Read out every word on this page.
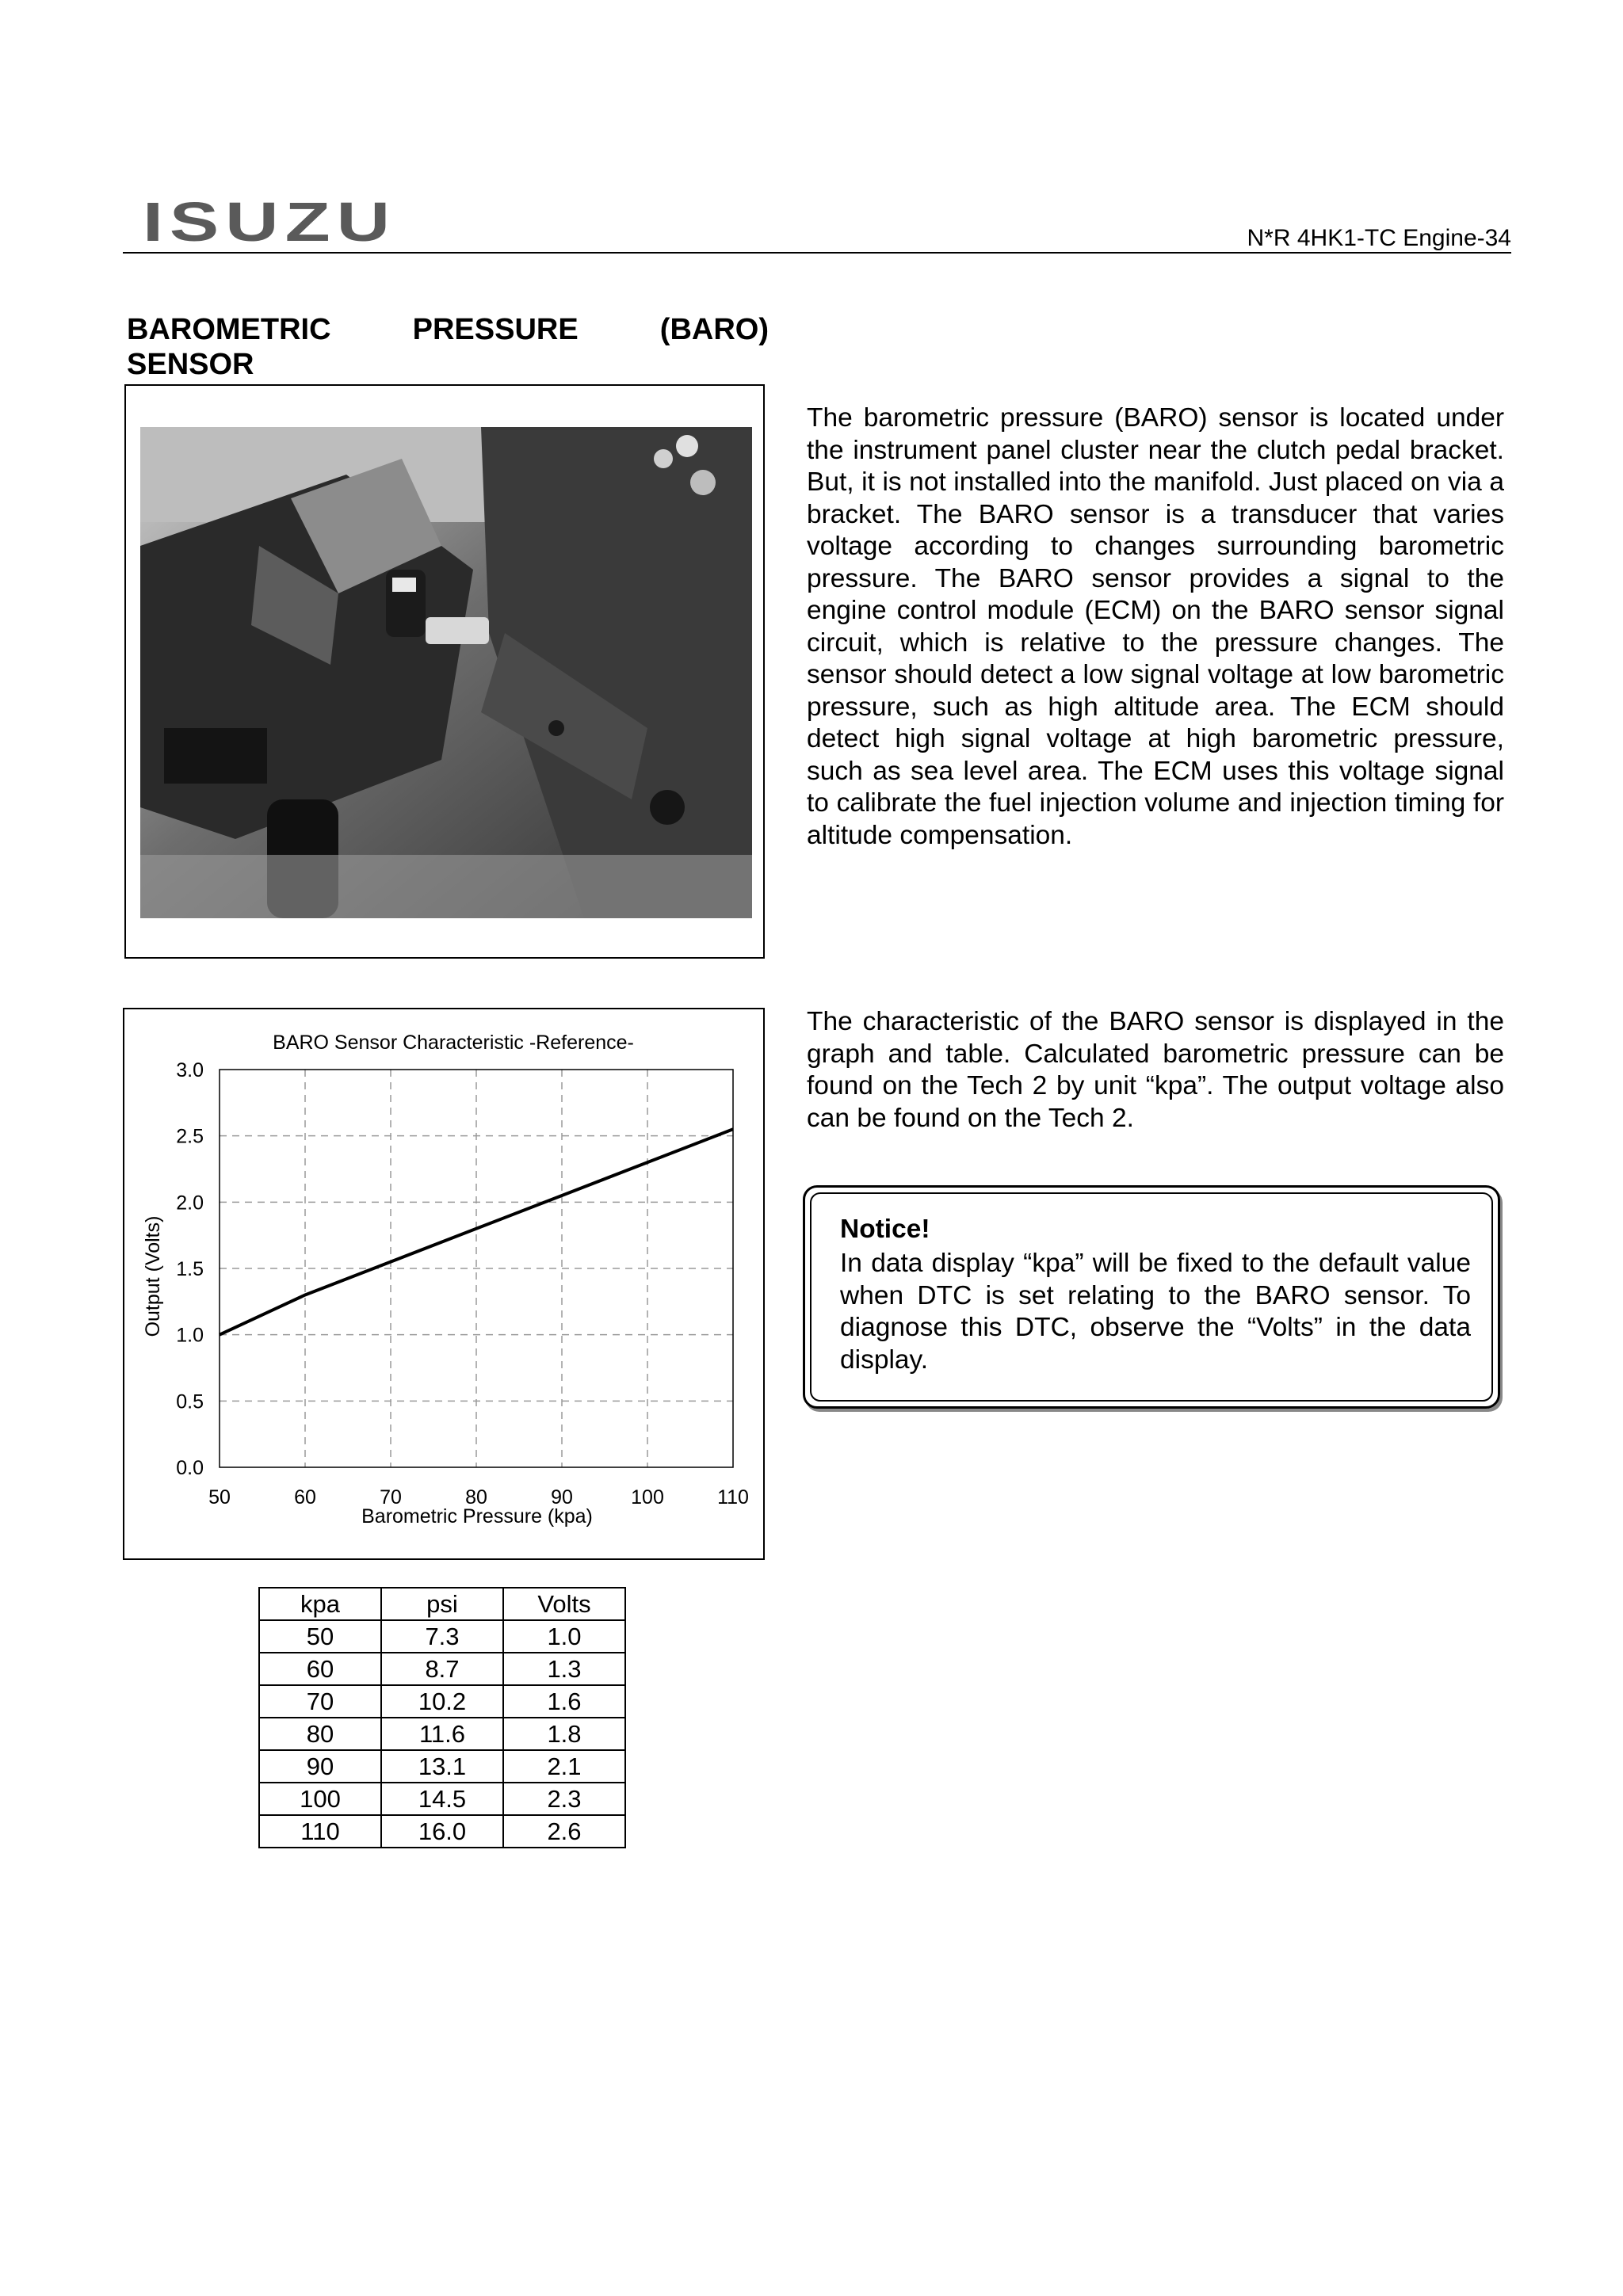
ISUZU	N*R 4HK1-TC Engine-34
BAROMETRIC PRESSURE (BARO)
SENSOR
The barometric pressure (BARO) sensor is located under the instrument panel cluster near the clutch pedal bracket. But, it is not installed into the manifold. Just placed on via a bracket. The BARO sensor is a transducer that varies voltage according to changes surrounding barometric pressure. The BARO sensor provides a signal to the engine control module (ECM) on the BARO sensor signal circuit, which is relative to the pressure changes. The sensor should detect a low signal voltage at low barometric pressure, such as high altitude area. The ECM should detect high signal voltage at high barometric pressure, such as sea level area. The ECM uses this voltage signal to calibrate the fuel injection volume and injection timing for altitude compensation.
50	60	70	80	90	100	110
0.0
0.5
1.0
1.5
2.0
2.5
3.0
BARO Sensor Characteristic -Reference-
Barometric Pressure (kpa)
Output (Volts)
The characteristic of the BARO sensor is displayed in the graph and table. Calculated barometric pressure can be found on the Tech 2 by unit “kpa”. The output voltage also can be found on the Tech 2.
Notice!
In data display “kpa” will be fixed to the default value when DTC is set relating to the BARO sensor. To diagnose this DTC, observe the “Volts” in the data display.
kpa	psi	Volts
50	7.3	1.0
60	8.7	1.3
70	10.2	1.6
80	11.6	1.8
90	13.1	2.1
100	14.5	2.3
110	16.0	2.6
